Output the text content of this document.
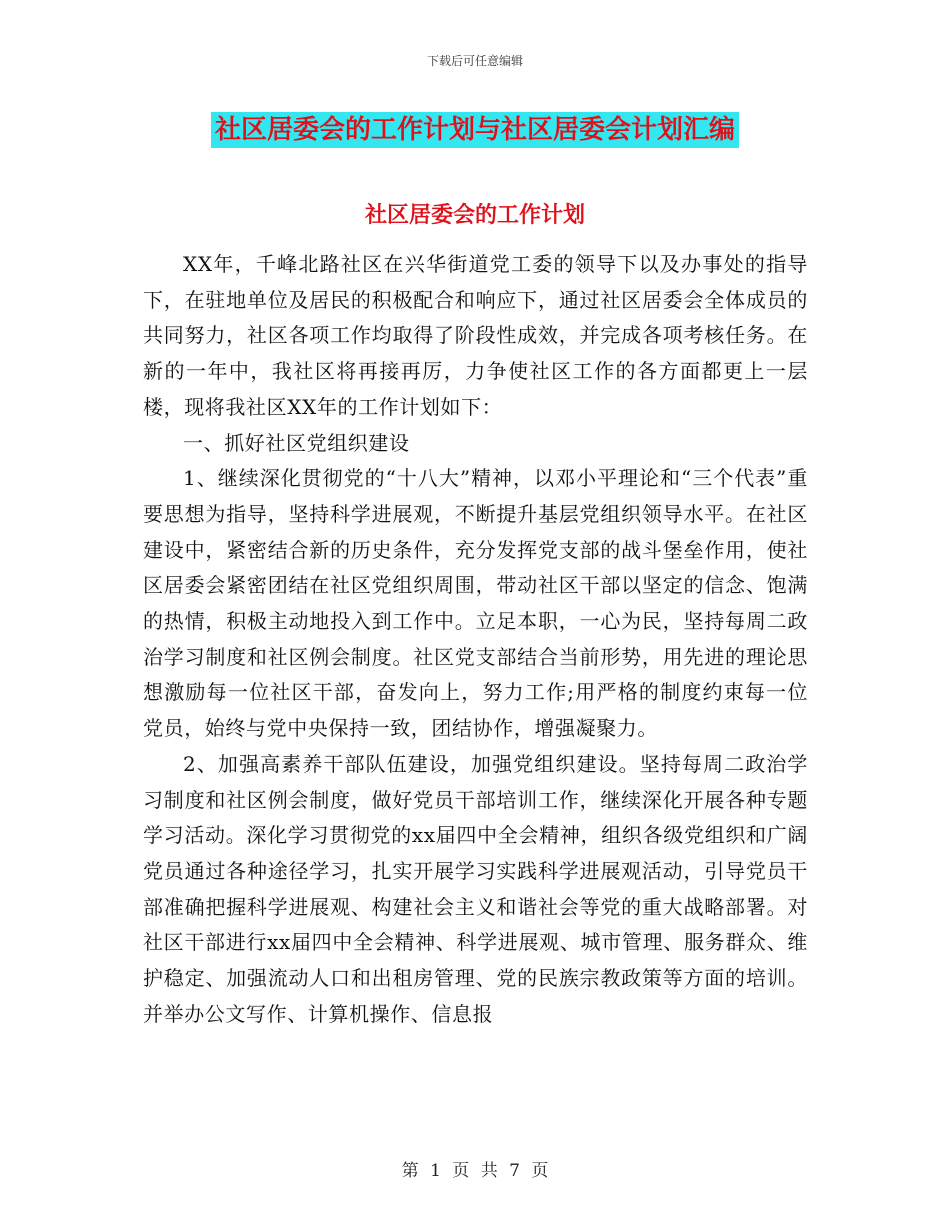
下载后可任意编辑
社区居委会的工作计划与社区居委会计划汇编
社区居委会的工作计划

XX年，千峰北路社区在兴华街道党工委的领导下以及办事处的指导下，在驻地单位及居民的积极配合和响应下，通过社区居委会全体成员的共同努力，社区各项工作均取得了阶段性成效，并完成各项考核任务。在新的一年中，我社区将再接再厉，力争使社区工作的各方面都更上一层楼，现将我社区XX年的工作计划如下：

一、抓好社区党组织建设

1、继续深化贯彻党的“十八大”精神，以邓小平理论和“三个代表”重要思想为指导，坚持科学进展观，不断提升基层党组织领导水平。在社区建设中，紧密结合新的历史条件，充分发挥党支部的战斗堡垒作用，使社区居委会紧密团结在社区党组织周围，带动社区干部以坚定的信念、饱满的热情，积极主动地投入到工作中。立足本职，一心为民，坚持每周二政治学习制度和社区例会制度。社区党支部结合当前形势，用先进的理论思想激励每一位社区干部，奋发向上，努力工作;用严格的制度约束每一位党员，始终与党中央保持一致，团结协作，增强凝聚力。

2、加强高素养干部队伍建设，加强党组织建设。坚持每周二政治学习制度和社区例会制度，做好党员干部培训工作，继续深化开展各种专题学习活动。深化学习贯彻党的xx届四中全会精神，组织各级党组织和广阔党员通过各种途径学习，扎实开展学习实践科学进展观活动，引导党员干部准确把握科学进展观、构建社会主义和谐社会等党的重大战略部署。对社区干部进行xx届四中全会精神、科学进展观、城市管理、服务群众、维护稳定、加强流动人口和出租房管理、党的民族宗教政策等方面的培训。并举办公文写作、计算机操作、信息报

第 1 页 共 7 页
